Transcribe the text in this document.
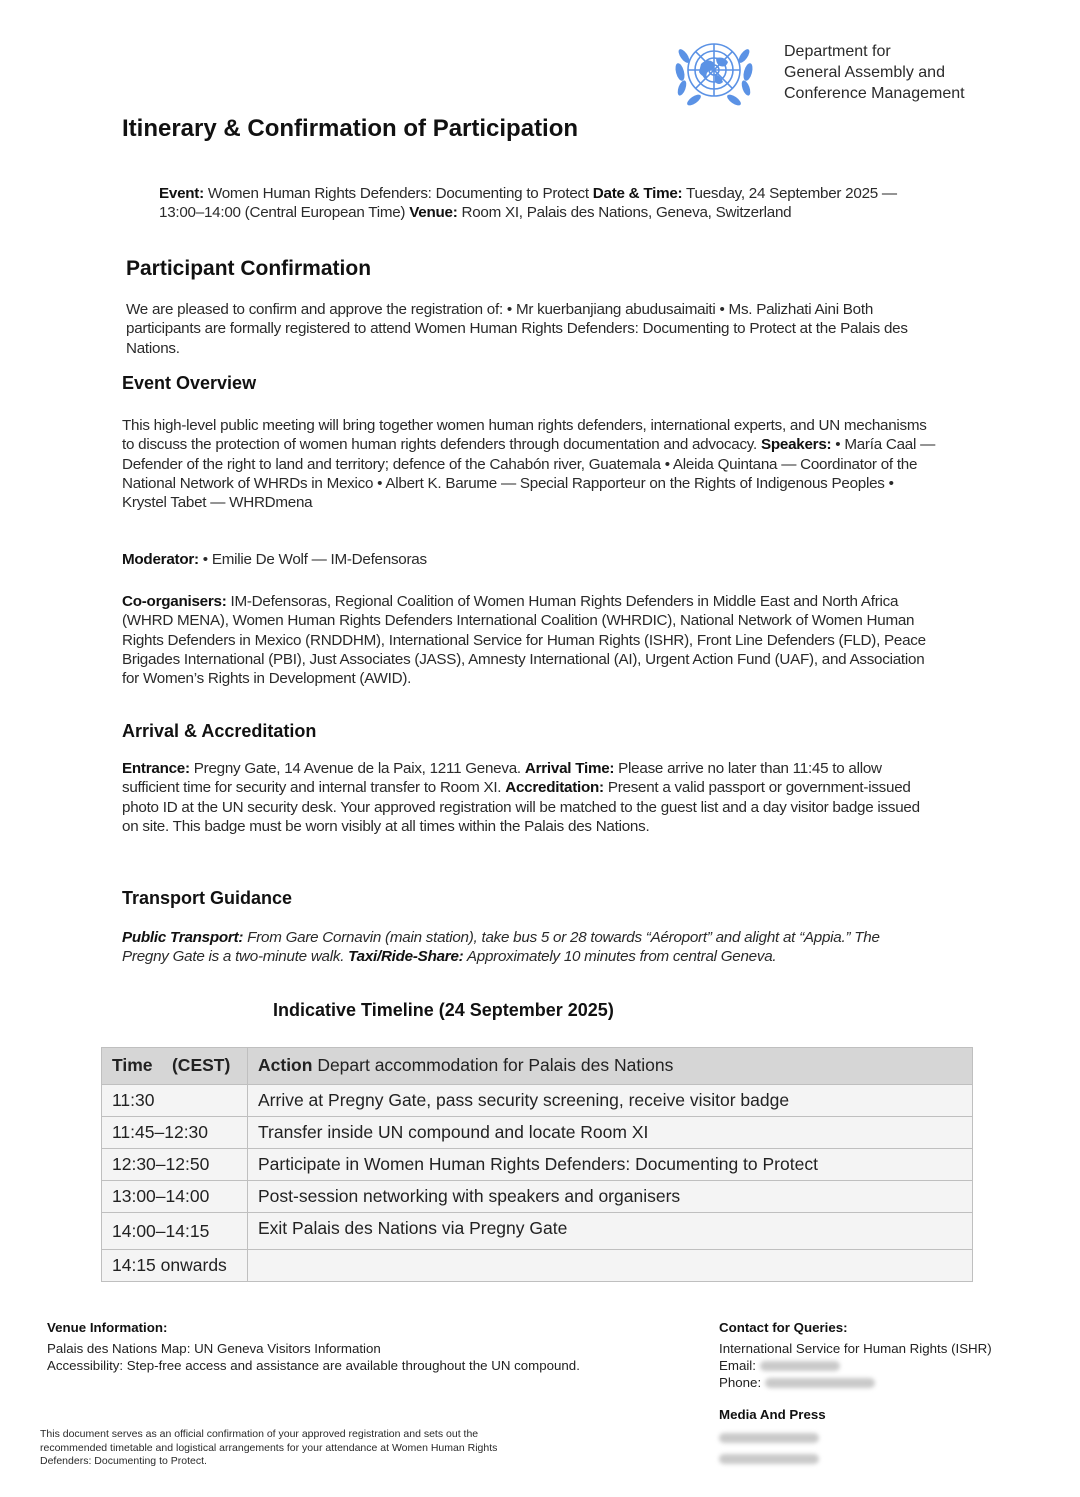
Department for
General Assembly and
Conference Management
Itinerary & Confirmation of Participation
Event: Women Human Rights Defenders: Documenting to Protect Date & Time: Tuesday, 24 September 2025 — 13:00–14:00 (Central European Time) Venue: Room XI, Palais des Nations, Geneva, Switzerland
Participant Confirmation
We are pleased to confirm and approve the registration of: • Mr kuerbanjiang abudusaimaiti • Ms. Palizhati Aini Both participants are formally registered to attend Women Human Rights Defenders: Documenting to Protect at the Palais des Nations.
Event Overview
This high-level public meeting will bring together women human rights defenders, international experts, and UN mechanisms to discuss the protection of women human rights defenders through documentation and advocacy. Speakers: • María Caal — Defender of the right to land and territory; defence of the Cahabón river, Guatemala • Aleida Quintana — Coordinator of the National Network of WHRDs in Mexico • Albert K. Barume — Special Rapporteur on the Rights of Indigenous Peoples • Krystel Tabet — WHRDmena
Moderator: • Emilie De Wolf — IM-Defensoras
Co-organisers: IM-Defensoras, Regional Coalition of Women Human Rights Defenders in Middle East and North Africa (WHRD MENA), Women Human Rights Defenders International Coalition (WHRDIC), National Network of Women Human Rights Defenders in Mexico (RNDDHM), International Service for Human Rights (ISHR), Front Line Defenders (FLD), Peace Brigades International (PBI), Just Associates (JASS), Amnesty International (AI), Urgent Action Fund (UAF), and Association for Women’s Rights in Development (AWID).
Arrival & Accreditation
Entrance: Pregny Gate, 14 Avenue de la Paix, 1211 Geneva. Arrival Time: Please arrive no later than 11:45 to allow sufficient time for security and internal transfer to Room XI. Accreditation: Present a valid passport or government-issued photo ID at the UN security desk. Your approved registration will be matched to the guest list and a day visitor badge issued on site. This badge must be worn visibly at all times within the Palais des Nations.
Transport Guidance
Public Transport: From Gare Cornavin (main station), take bus 5 or 28 towards “Aéroport” and alight at “Appia.” The Pregny Gate is a two-minute walk. Taxi/Ride-Share: Approximately 10 minutes from central Geneva.
Indicative Timeline (24 September 2025)
Time    (CEST)	Action Depart accommodation for Palais des Nations
11:30	Arrive at Pregny Gate, pass security screening, receive visitor badge
11:45–12:30	Transfer inside UN compound and locate Room XI
12:30–12:50	Participate in Women Human Rights Defenders: Documenting to Protect
13:00–14:00	Post-session networking with speakers and organisers
14:00–14:15	Exit Palais des Nations via Pregny Gate
14:15 onwards	
Venue Information:
Palais des Nations Map: UN Geneva Visitors Information
Accessibility: Step-free access and assistance are available throughout the UN compound.
Contact for Queries:
International Service for Human Rights (ISHR)
Email:
Phone:
Media And Press
This document serves as an official confirmation of your approved registration and sets out the recommended timetable and logistical arrangements for your attendance at Women Human Rights Defenders: Documenting to Protect.
